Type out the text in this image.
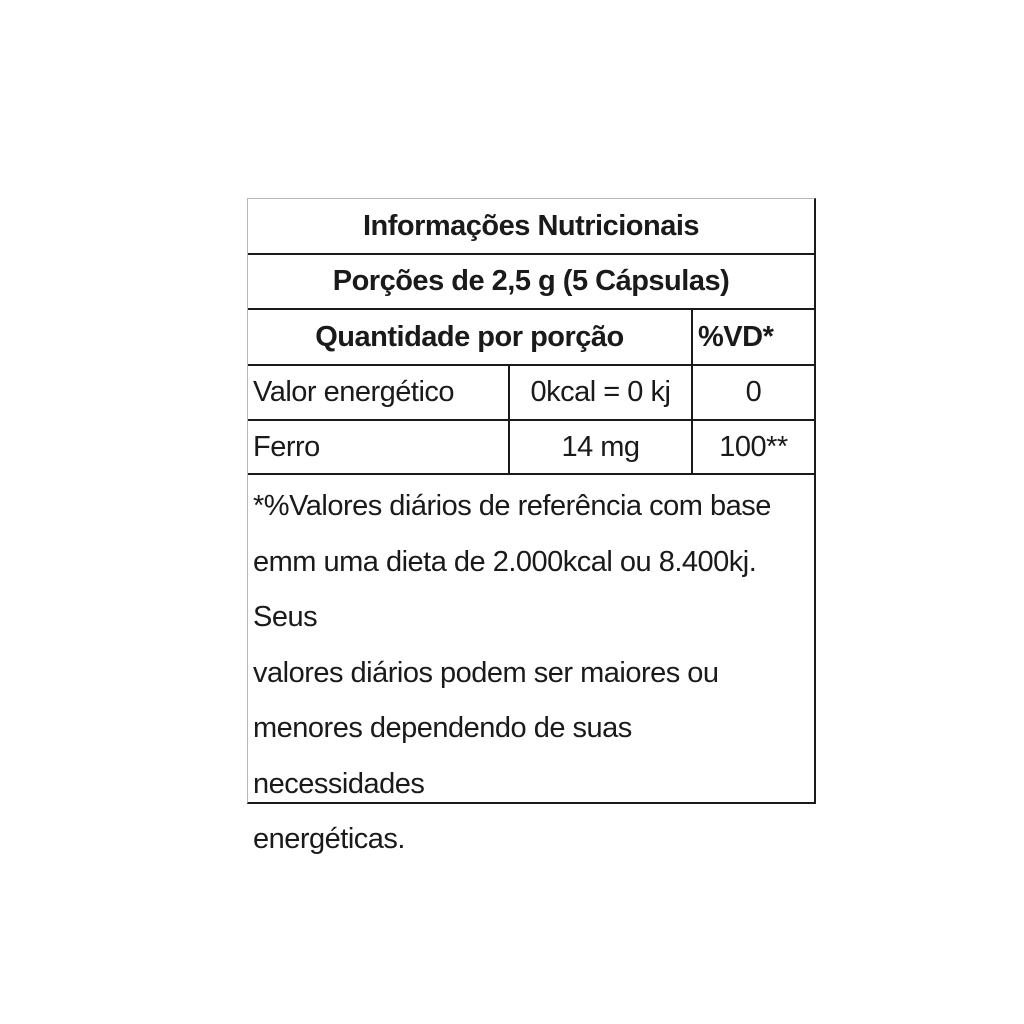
Informações Nutricionais
Porções de 2,5 g (5 Cápsulas)
Quantidade por porção	%VD*
Valor energético	0kcal = 0 kj	0
Ferro	14 mg	100**
*%Valores diários de referência com base
emm uma dieta de 2.000kcal ou 8.400kj. Seus
valores diários podem ser maiores ou
menores dependendo de suas necessidades
energéticas.
